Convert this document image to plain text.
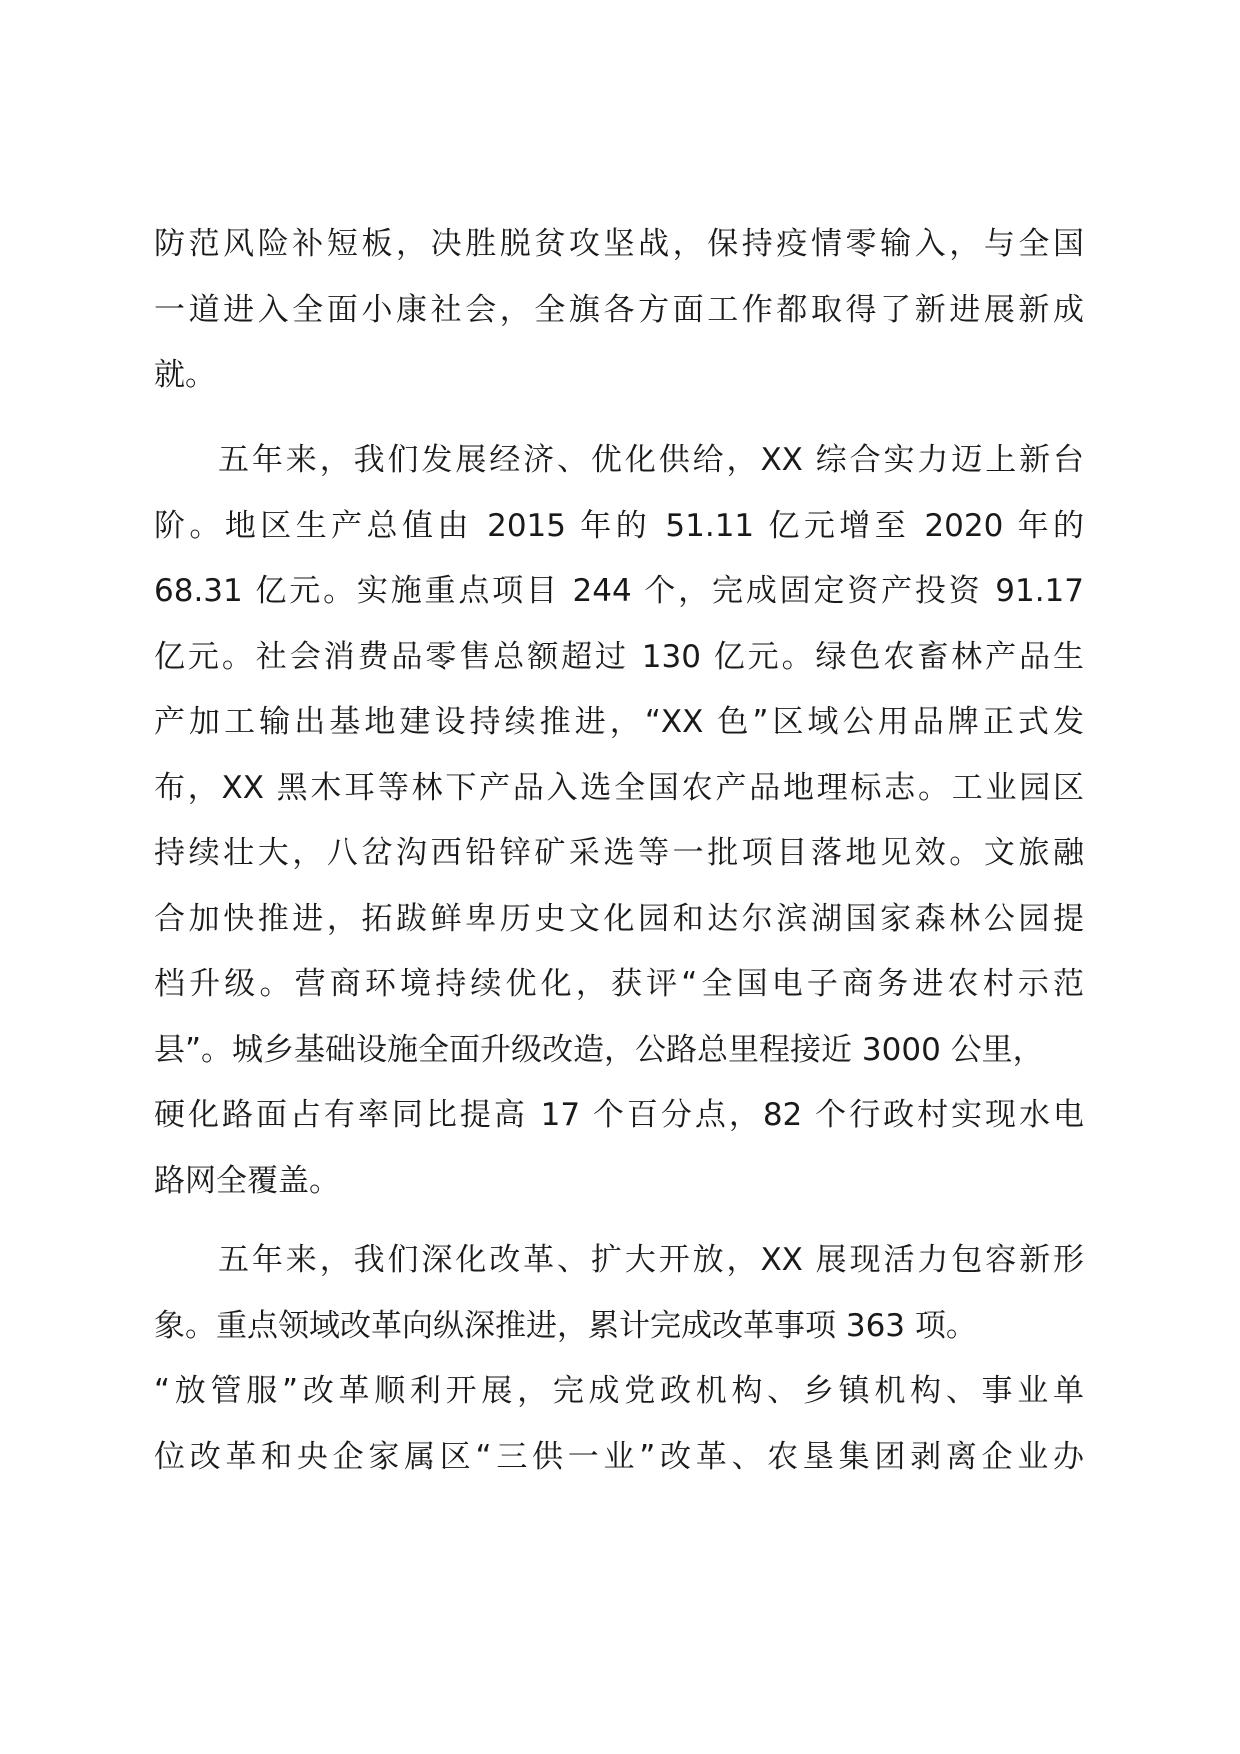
防范风险补短板，决胜脱贫攻坚战，保持疫情零输入，与全国
一道进入全面小康社会，全旗各方面工作都取得了新进展新成
就。
五年来，我们发展经济、优化供给，XX 综合实力迈上新台
阶。地区生产总值由 2015 年的 51.11 亿元增至 2020 年的
68.31 亿元。实施重点项目 244 个，完成固定资产投资 91.17
亿元。社会消费品零售总额超过 130 亿元。绿色农畜林产品生
产加工输出基地建设持续推进，“XX 色”区域公用品牌正式发
布，XX 黑木耳等林下产品入选全国农产品地理标志。工业园区
持续壮大，八岔沟西铅锌矿采选等一批项目落地见效。文旅融
合加快推进，拓跋鲜卑历史文化园和达尔滨湖国家森林公园提
档升级。营商环境持续优化，获评“全国电子商务进农村示范
县”。城乡基础设施全面升级改造，公路总里程接近 3000 公里，
硬化路面占有率同比提高 17 个百分点，82 个行政村实现水电
路网全覆盖。
五年来，我们深化改革、扩大开放，XX 展现活力包容新形
象。重点领域改革向纵深推进，累计完成改革事项 363 项。
“放管服”改革顺利开展，完成党政机构、乡镇机构、事业单
位改革和央企家属区“三供一业”改革、农垦集团剥离企业办
